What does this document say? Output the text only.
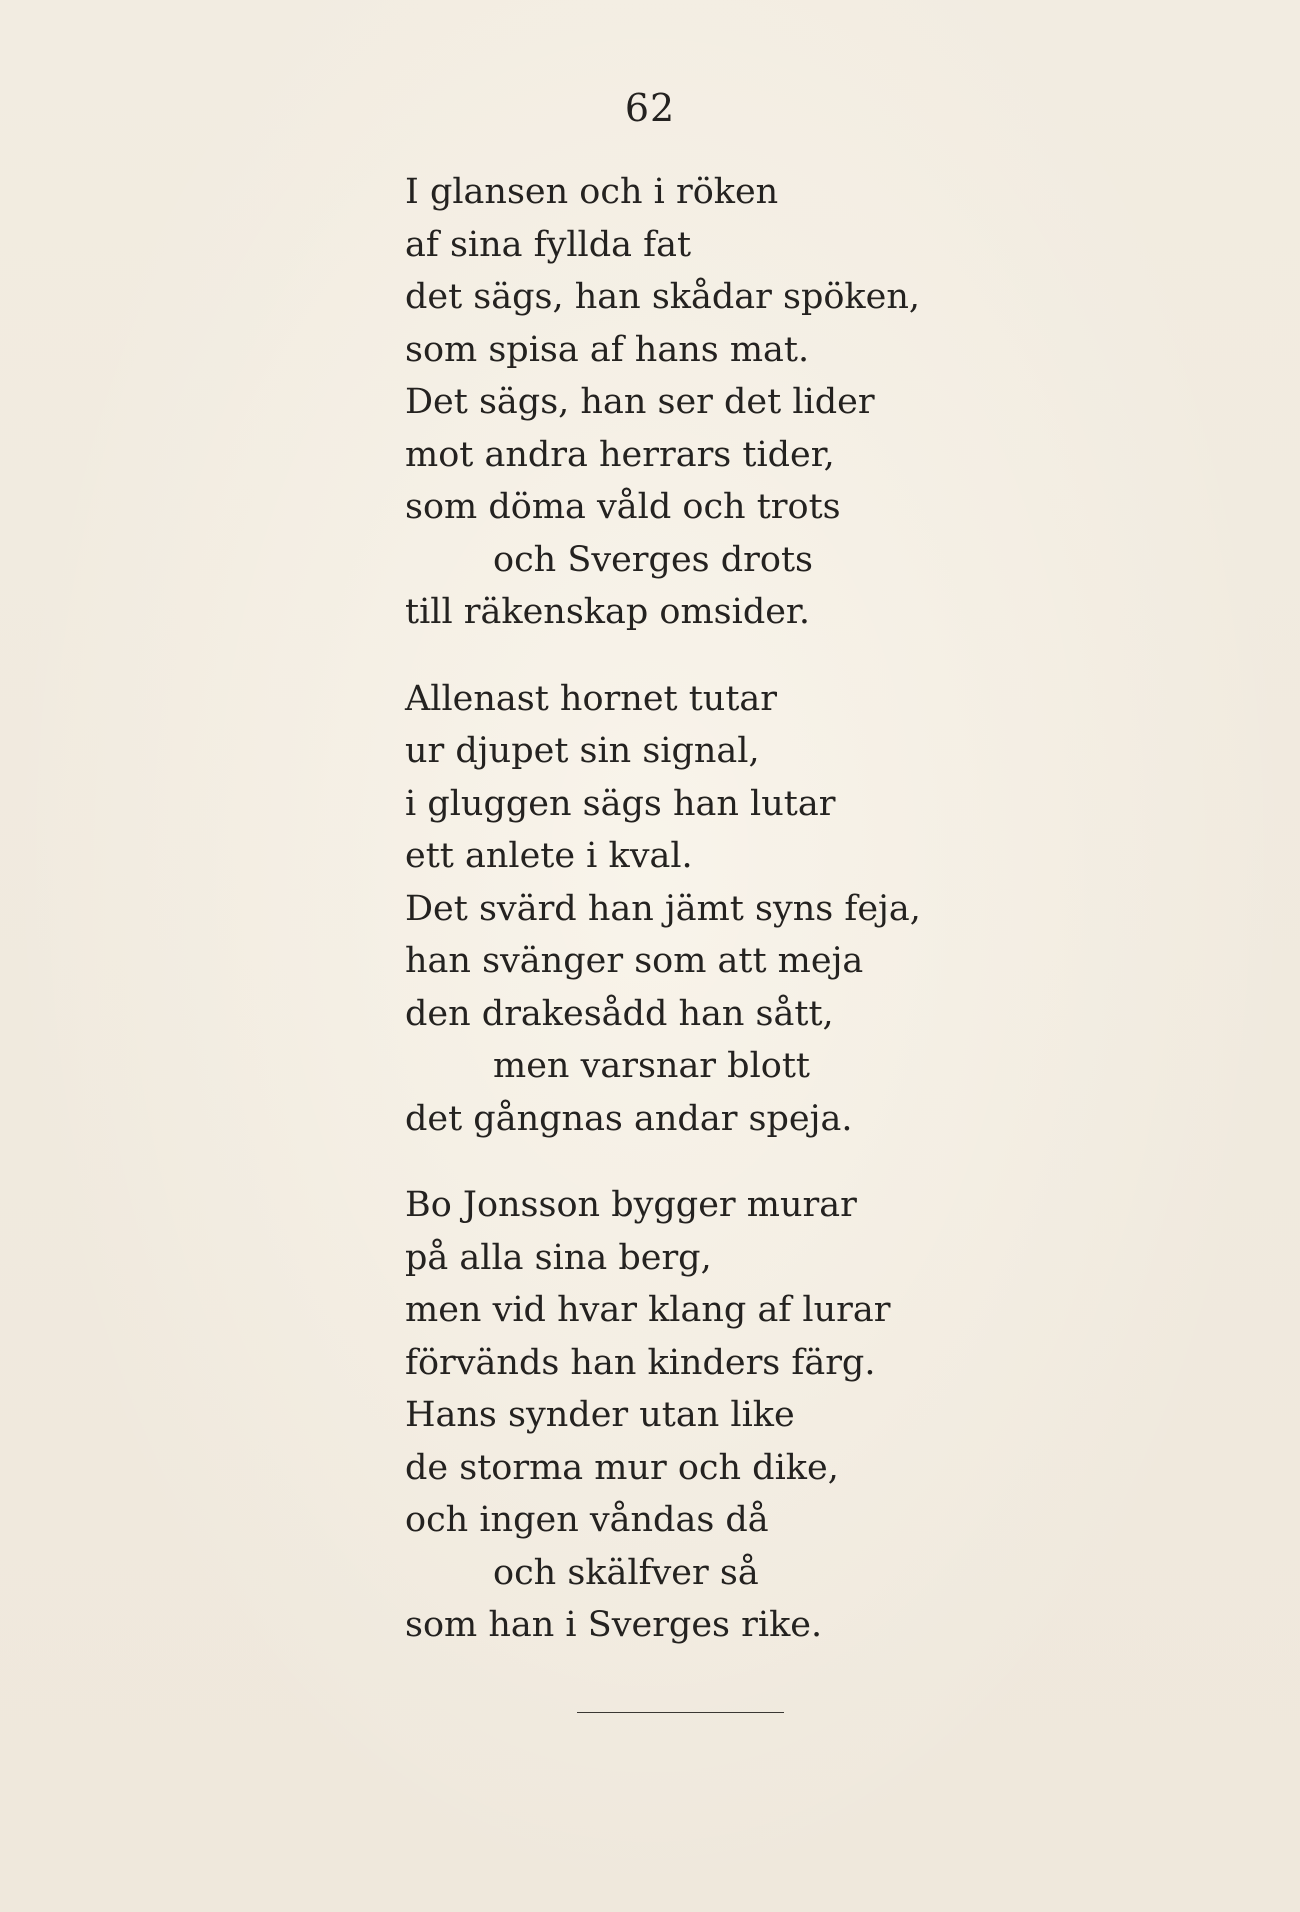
62
I glansen och i röken
af sina fyllda fat
det sägs, han skådar spöken,
som spisa af hans mat.
Det sägs, han ser det lider
mot andra herrars tider,
som döma våld och trots
och Sverges drots
till räkenskap omsider.
Allenast hornet tutar
ur djupet sin signal,
i gluggen sägs han lutar
ett anlete i kval.
Det svärd han jämt syns feja,
han svänger som att meja
den drakesådd han sått,
men varsnar blott
det gångnas andar speja.
Bo Jonsson bygger murar
på alla sina berg,
men vid hvar klang af lurar
förvänds han kinders färg.
Hans synder utan like
de storma mur och dike,
och ingen våndas då
och skälfver så
som han i Sverges rike.
